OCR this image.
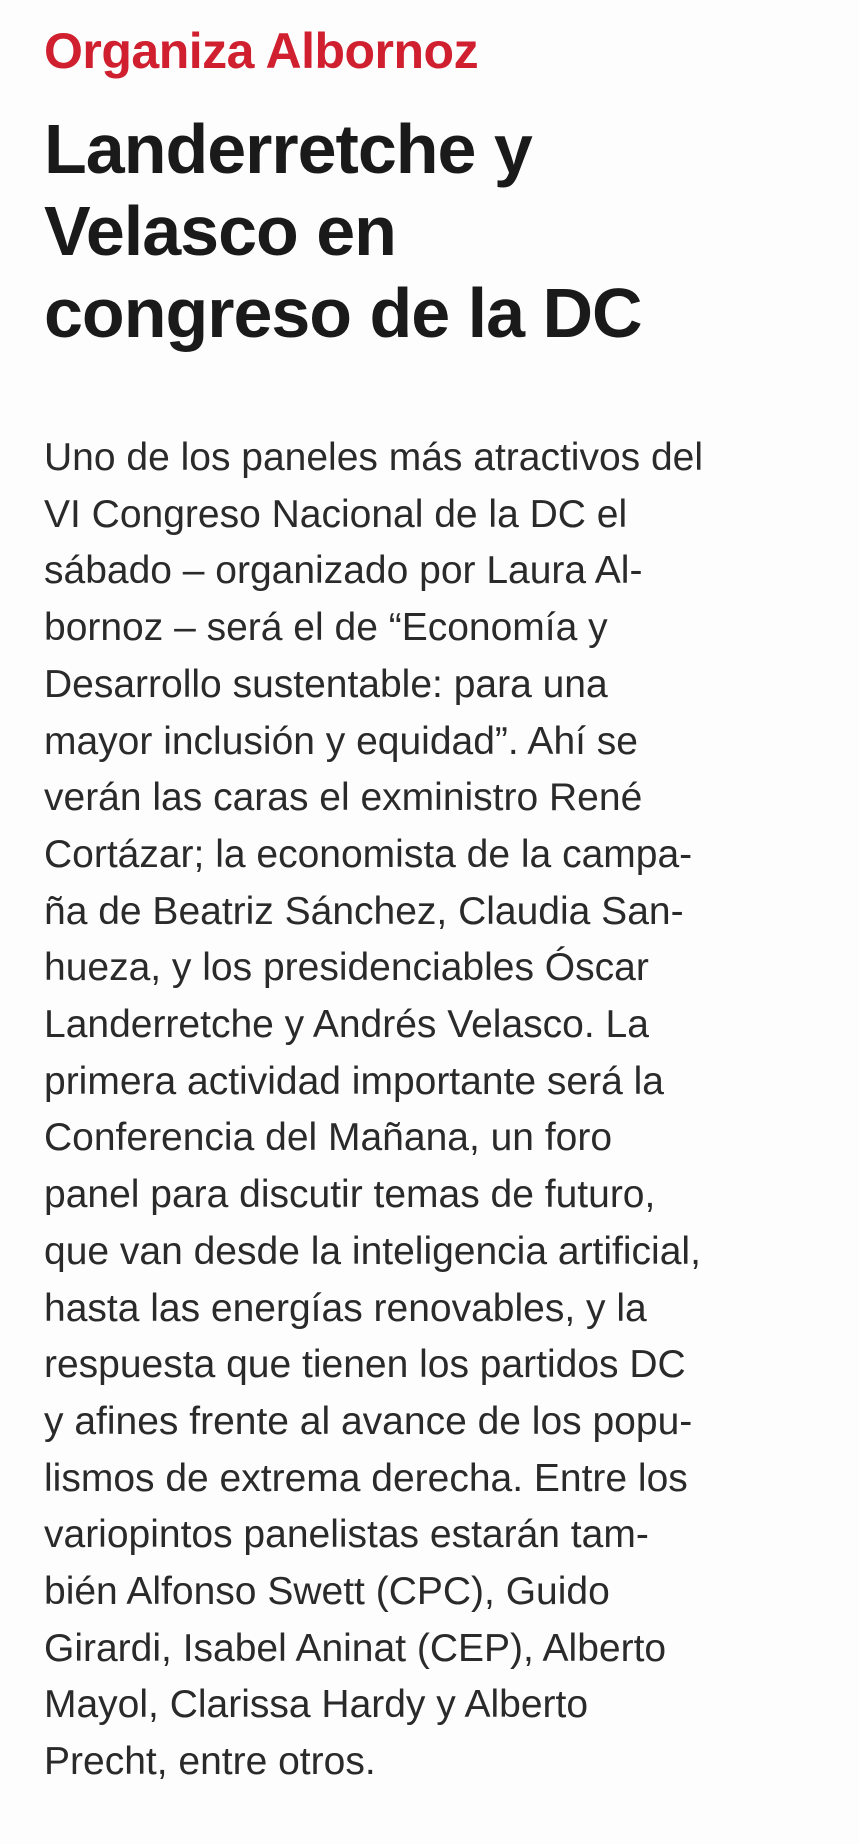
Organiza Albornoz
Landerretche y
Velasco en
congreso de la DC

Uno de los paneles más atractivos del
VI Congreso Nacional de la DC el
sábado – organizado por Laura Al-
bornoz – será el de “Economía y
Desarrollo sustentable: para una
mayor inclusión y equidad”. Ahí se
verán las caras el exministro René
Cortázar; la economista de la campa-
ña de Beatriz Sánchez, Claudia San-
hueza, y los presidenciables Óscar
Landerretche y Andrés Velasco. La
primera actividad importante será la
Conferencia del Mañana, un foro
panel para discutir temas de futuro,
que van desde la inteligencia artificial,
hasta las energías renovables, y la
respuesta que tienen los partidos DC
y afines frente al avance de los popu-
lismos de extrema derecha. Entre los
variopintos panelistas estarán tam-
bién Alfonso Swett (CPC), Guido
Girardi, Isabel Aninat (CEP), Alberto
Mayol, Clarissa Hardy y Alberto
Precht, entre otros.
